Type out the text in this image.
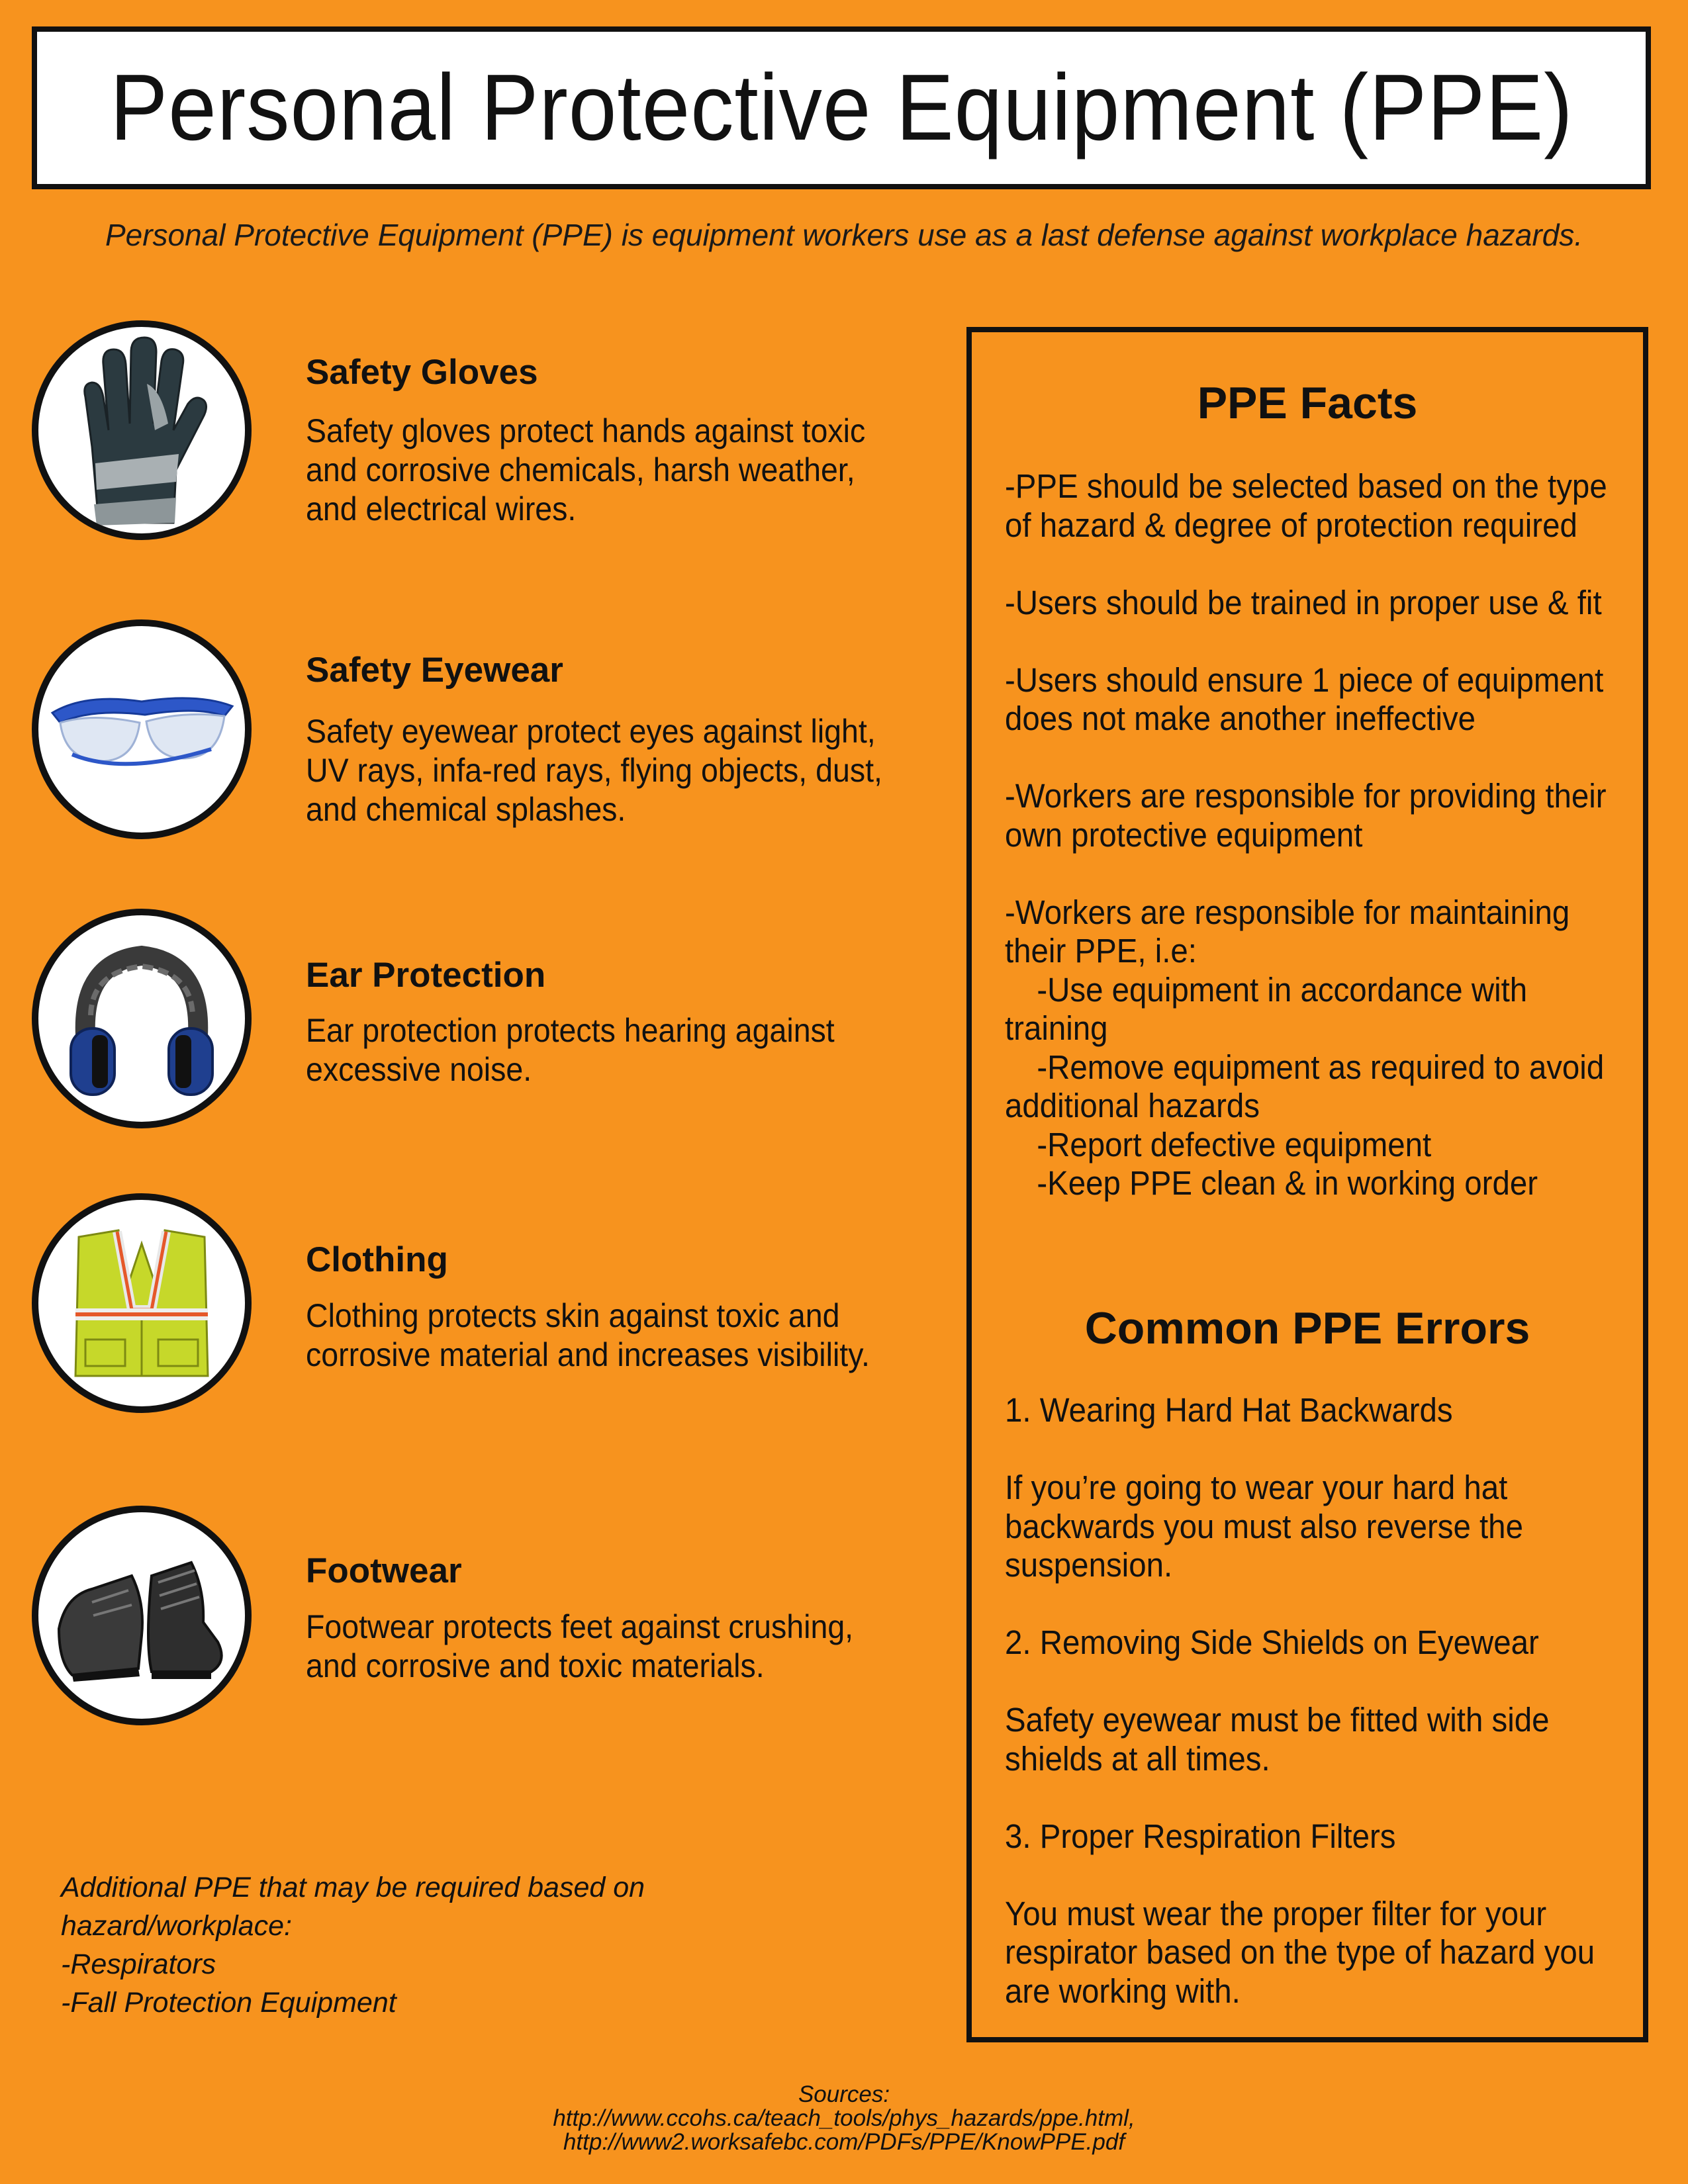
Personal Protective Equipment (PPE)
Personal Protective Equipment (PPE) is equipment workers use as a last defense against workplace hazards.
Safety Gloves

Safety gloves protect hands against toxic
and corrosive chemicals, harsh weather,
and electrical wires.

Safety Eyewear

Safety eyewear protect eyes against light,
UV rays, infa-red rays, flying objects, dust,
and chemical splashes.

Ear Protection

Ear protection protects hearing against
excessive noise.

Clothing

Clothing protects skin against toxic and
corrosive material and increases visibility.

Footwear

Footwear protects feet against crushing,
and corrosive and toxic materials.

Additional PPE that may be required based on
hazard/workplace:
-Respirators
-Fall Protection Equipment
PPE Facts
-PPE should be selected based on the type
of hazard & degree of protection required
-Users should be trained in proper use & fit
-Users should ensure 1 piece of equipment
does not make another ineffective
-Workers are responsible for providing their
own protective equipment
-Workers are responsible for maintaining
their PPE, i.e:
-Use equipment in accordance with
training
-Remove equipment as required to avoid
additional hazards
-Report defective equipment
-Keep PPE clean & in working order
Common PPE Errors
1. Wearing Hard Hat Backwards
If you’re going to wear your hard hat
backwards you must also reverse the
suspension.
2. Removing Side Shields on Eyewear
Safety eyewear must be fitted with side
shields at all times.
3. Proper Respiration Filters
You must wear the proper filter for your
respirator based on the type of hazard you
are working with.
Sources:
http://www.ccohs.ca/teach_tools/phys_hazards/ppe.html,
http://www2.worksafebc.com/PDFs/PPE/KnowPPE.pdf
